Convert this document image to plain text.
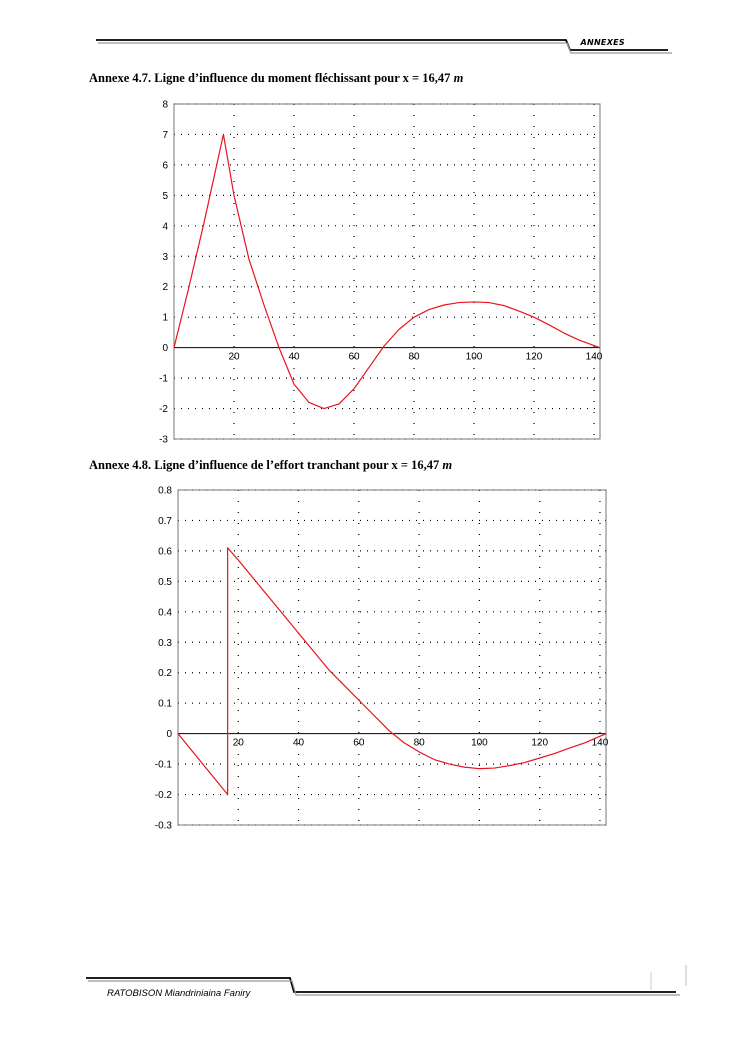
ANNEXES
Annexe 4.7. Ligne d’influence du moment fléchissant pour x = 16,47 m
8
7
6
5
4
3
2
1
0
-1
-2
-3
20	40	60	80	100	120	140
Annexe 4.8. Ligne d’influence de l’effort tranchant pour x = 16,47 m
0.8
0.7
0.6
0.5
0.4
0.3
0.2
0.1
0
-0.1
-0.2
-0.3
20	40	60	80	100	120	140
RATOBISON Miandriniaina Faniry
